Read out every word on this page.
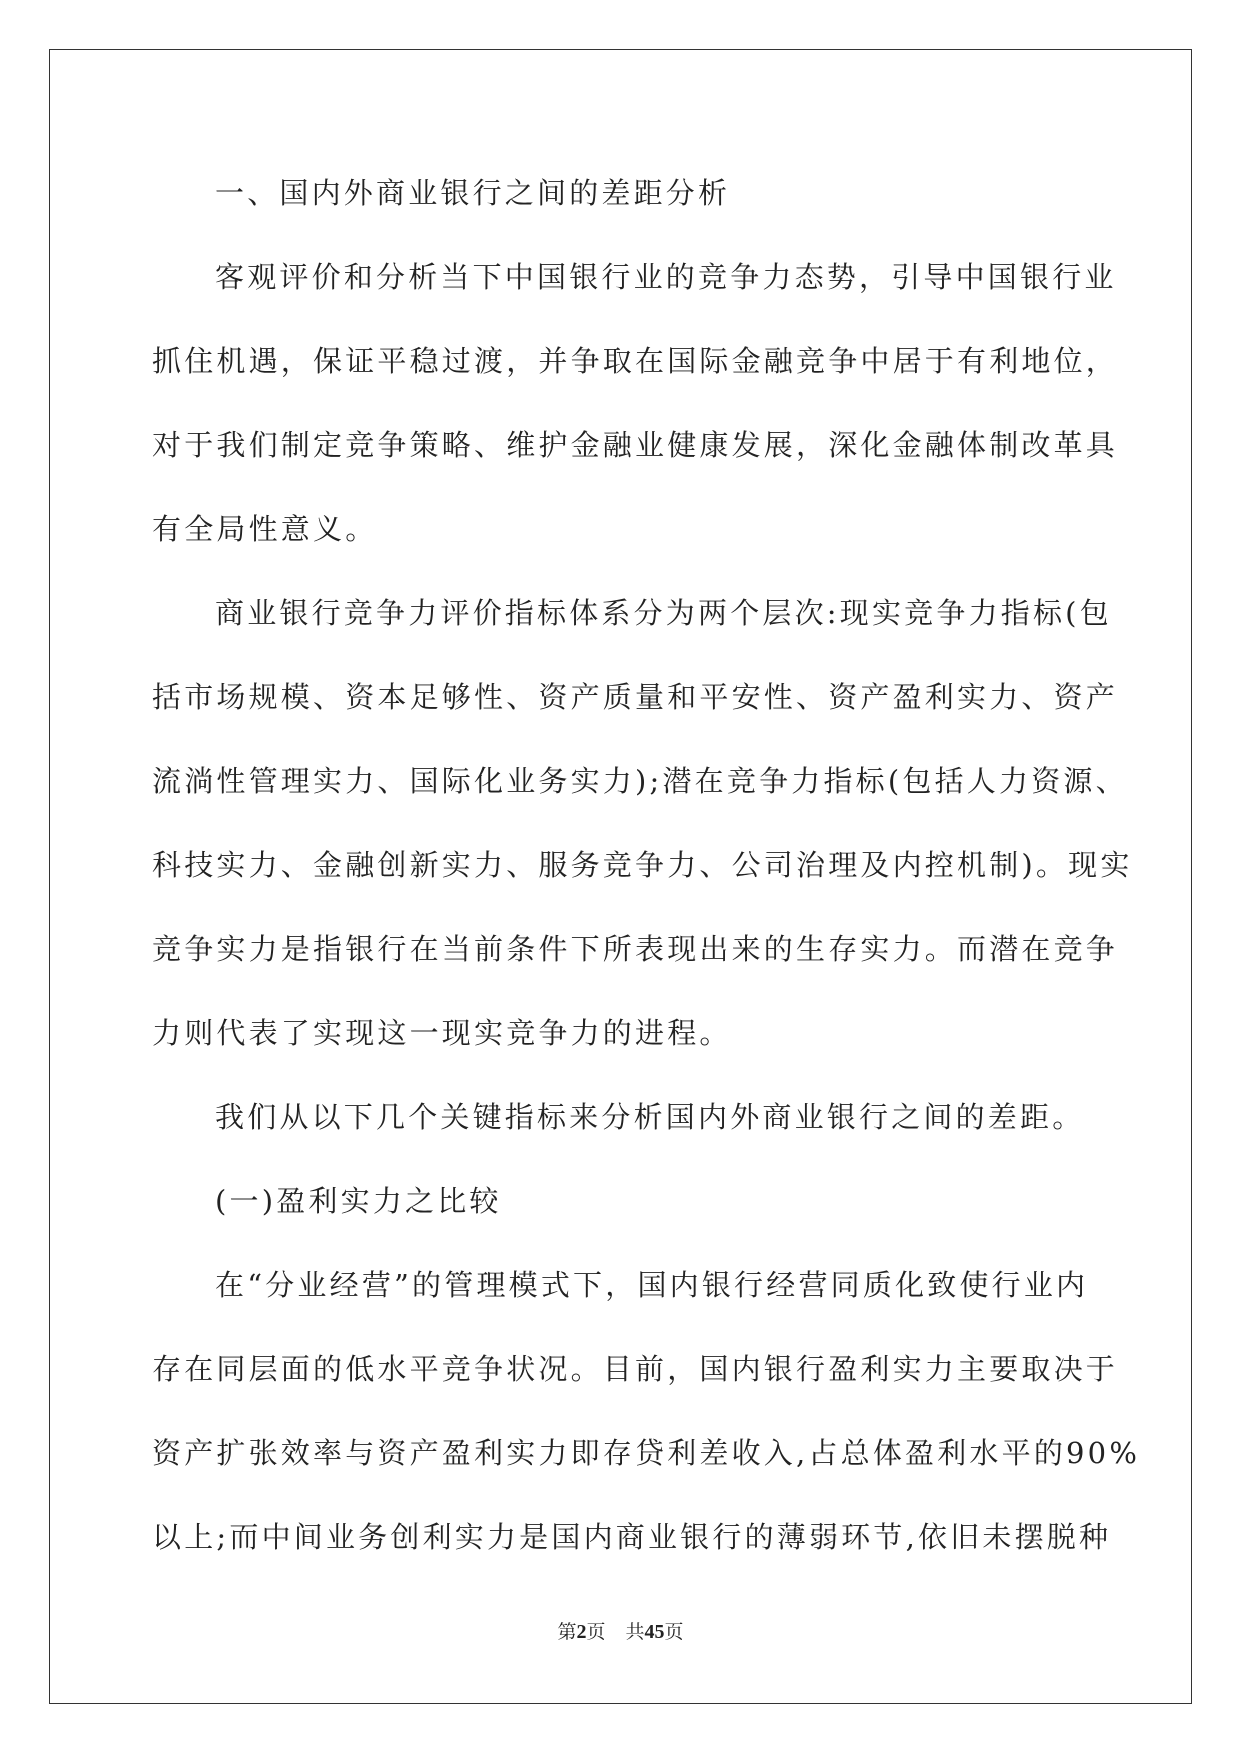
一、国内外商业银行之间的差距分析
客观评价和分析当下中国银行业的竞争力态势，引导中国银行业
抓住机遇，保证平稳过渡，并争取在国际金融竞争中居于有利地位，
对于我们制定竞争策略、维护金融业健康发展，深化金融体制改革具
有全局性意义。
商业银行竞争力评价指标体系分为两个层次:现实竞争力指标(包
括市场规模、资本足够性、资产质量和平安性、资产盈利实力、资产
流淌性管理实力、国际化业务实力);潜在竞争力指标(包括人力资源、
科技实力、金融创新实力、服务竞争力、公司治理及内控机制)。现实
竞争实力是指银行在当前条件下所表现出来的生存实力。而潜在竞争
力则代表了实现这一现实竞争力的进程。
我们从以下几个关键指标来分析国内外商业银行之间的差距。
(一)盈利实力之比较
在“分业经营”的管理模式下，国内银行经营同质化致使行业内
存在同层面的低水平竞争状况。目前，国内银行盈利实力主要取决于
资产扩张效率与资产盈利实力即存贷利差收入,占总体盈利水平的90%
以上;而中间业务创利实力是国内商业银行的薄弱环节,依旧未摆脱种
第2页 共45页
